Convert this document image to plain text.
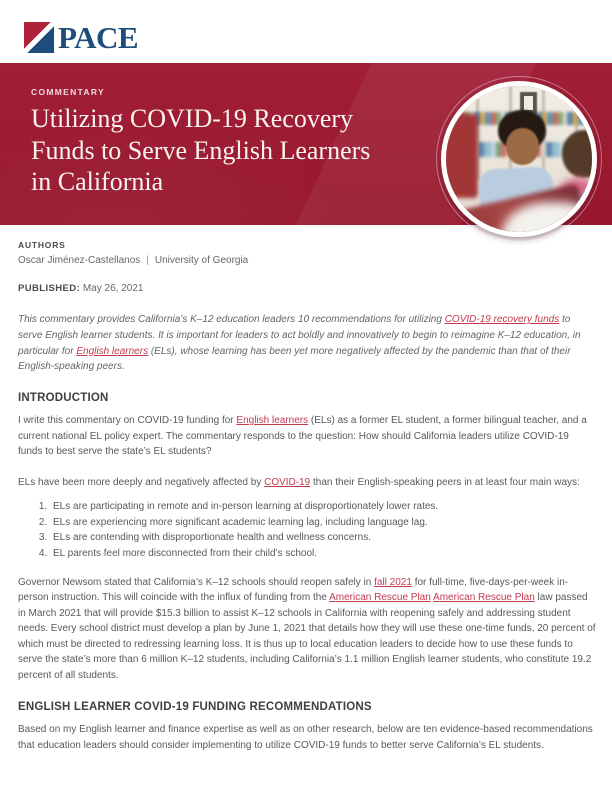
PACE
COMMENTARY
Utilizing COVID-19 Recovery
Funds to Serve English Learners
in California
AUTHORS
Oscar Jiménez-Castellanos | University of Georgia
PUBLISHED: May 26, 2021
This commentary provides California’s K–12 education leaders 10 recommendations for utilizing COVID-19 recovery funds to serve English learner students. It is important for leaders to act boldly and innovatively to begin to reimagine K–12 education, in particular for English learners (ELs), whose learning has been yet more negatively affected by the pandemic than that of their English-speaking peers.
INTRODUCTION
I write this commentary on COVID-19 funding for English learners (ELs) as a former EL student, a former bilingual teacher, and a current national EL policy expert. The commentary responds to the question: How should California leaders utilize COVID-19 funds to best serve the state’s EL students?
ELs have been more deeply and negatively affected by COVID-19 than their English-speaking peers in at least four main ways:
1. ELs are participating in remote and in-person learning at disproportionately lower rates.
2. ELs are experiencing more significant academic learning lag, including language lag.
3. ELs are contending with disproportionate health and wellness concerns.
4. EL parents feel more disconnected from their child’s school.
Governor Newsom stated that California’s K–12 schools should reopen safely in fall 2021 for full-time, five-days-per-week in-person instruction. This will coincide with the influx of funding from the American Rescue Plan American Rescue Plan law passed in March 2021 that will provide $15.3 billion to assist K–12 schools in California with reopening safely and addressing student needs. Every school district must develop a plan by June 1, 2021 that details how they will use these one-time funds, 20 percent of which must be directed to redressing learning loss. It is thus up to local education leaders to decide how to use these funds to serve the state’s more than 6 million K–12 students, including California’s 1.1 million English learner students, who constitute 19.2 percent of all students.
ENGLISH LEARNER COVID-19 FUNDING RECOMMENDATIONS
Based on my English learner and finance expertise as well as on other research, below are ten evidence-based recommendations that education leaders should consider implementing to utilize COVID-19 funds to better serve California’s EL students.
